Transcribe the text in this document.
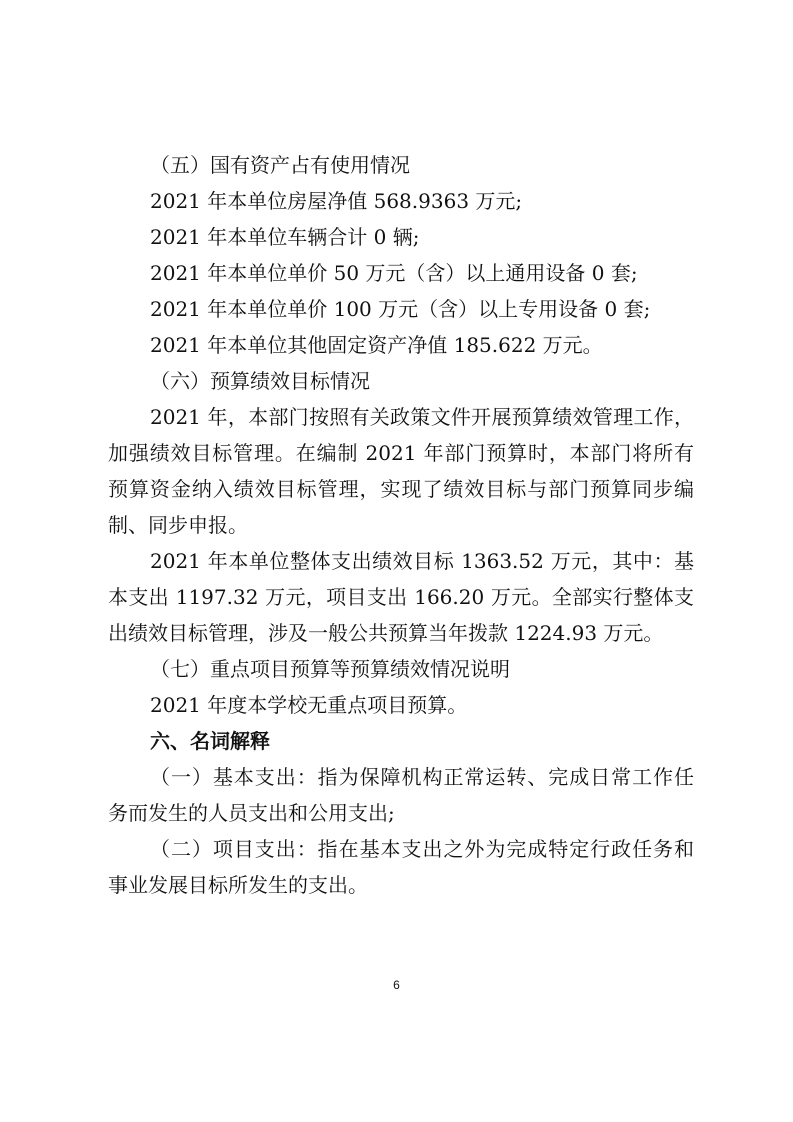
（五）国有资产占有使用情况
2021 年本单位房屋净值 568.9363 万元;
2021 年本单位车辆合计 0 辆;
2021 年本单位单价 50 万元（含）以上通用设备 0 套;
2021 年本单位单价 100 万元（含）以上专用设备 0 套;
2021 年本单位其他固定资产净值 185.622 万元。
（六）预算绩效目标情况
2021 年，本部门按照有关政策文件开展预算绩效管理工作，
加强绩效目标管理。在编制 2021 年部门预算时，本部门将所有
预算资金纳入绩效目标管理，实现了绩效目标与部门预算同步编
制、同步申报。
2021 年本单位整体支出绩效目标 1363.52 万元，其中：基
本支出 1197.32 万元，项目支出 166.20 万元。全部实行整体支
出绩效目标管理，涉及一般公共预算当年拨款 1224.93 万元。
（七）重点项目预算等预算绩效情况说明
2021 年度本学校无重点项目预算。
六、名词解释
（一）基本支出：指为保障机构正常运转、完成日常工作任
务而发生的人员支出和公用支出;
（二）项目支出：指在基本支出之外为完成特定行政任务和
事业发展目标所发生的支出。
6
